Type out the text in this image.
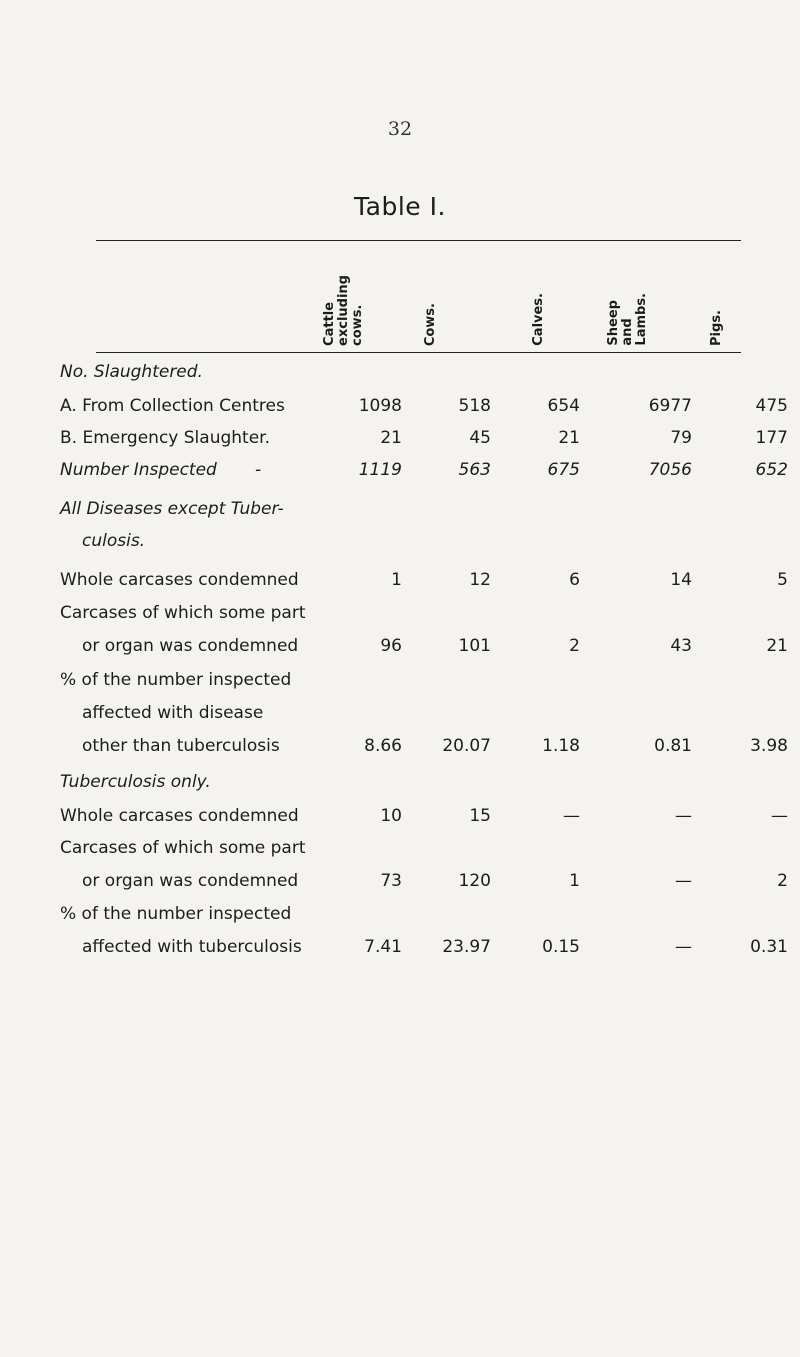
32
Table I.
Cattle
excluding
cows.	Cows.	Calves.	Sheep
and
Lambs.	Pigs.
No. Slaughtered.
A. From Collection Centres	1098	518	654	6977	475
B. Emergency Slaughter.	21	45	21	79	177
Number Inspected -	1119	563	675	7056	652
All Diseases except Tuber-
culosis.
Whole carcases condemned	1	12	6	14	5
Carcases of which some part
or organ was condemned	96	101	2	43	21
% of the number inspected
affected with disease
other than tuberculosis	8.66	20.07	1.18	0.81	3.98
Tuberculosis only.
Whole carcases condemned	10	15	—	—	—
Carcases of which some part
or organ was condemned	73	120	1	—	2
% of the number inspected
affected with tuberculosis	7.41	23.97	0.15	—	0.31
